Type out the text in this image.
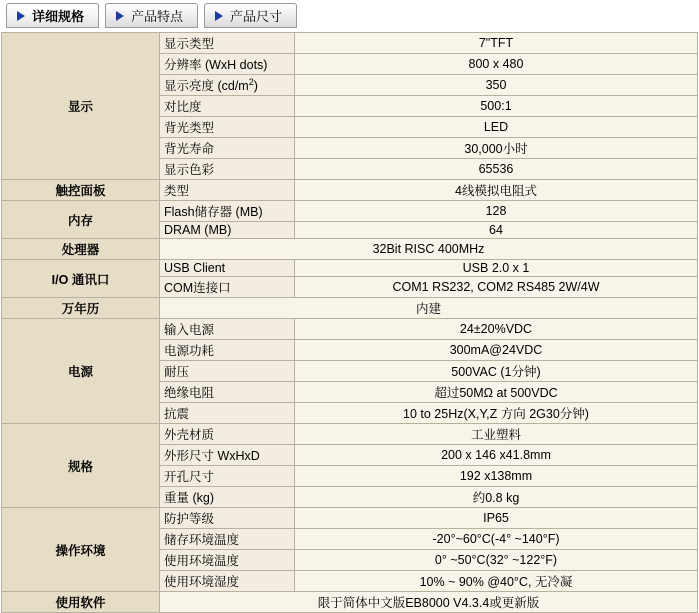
详细规格	产品特点	产品尺寸
显示	显示类型	7"TFT
	分辨率 (WxH dots)	800 x 480
	显示亮度 $(cd/m^2)$	350
	对比度	500:1
	背光类型	LED
	背光寿命	30,000小时
	显示色彩	65536
触控面板	类型	4线模拟电阻式
内存	Flash储存器 (MB)	128
	DRAM (MB)	64
处理器	32Bit RISC 400MHz	
I/O 通讯口	USB Client	USB 2.0 x 1
	COM连接口	COM1 RS232, COM2 RS485 2W/4W
万年历	内建	
电源	输入电源	24±20%VDC
	电源功耗	300mA@24VDC
	耐压	500VAC (1分钟)
	绝缘电阻	超过50MΩ at 500VDC
	抗震	10 to 25Hz(X,Y,Z 方向 2G30分钟)
规格	外壳材质	工业塑料
	外形尺寸 WxHxD	200 x 146 x41.8mm
	开孔尺寸	192 x138mm
	重量 (kg)	约0.8 kg
操作环境	防护等级	IP65
	储存环境温度	-20°~60°C(-4° ~140°F)
	使用环境温度	0° ~50°C(32° ~122°F)
	使用环境湿度	10% ~ 90% @40°C, 无冷凝
使用软件	限于简体中文版EB8000 V4.3.4或更新版	
